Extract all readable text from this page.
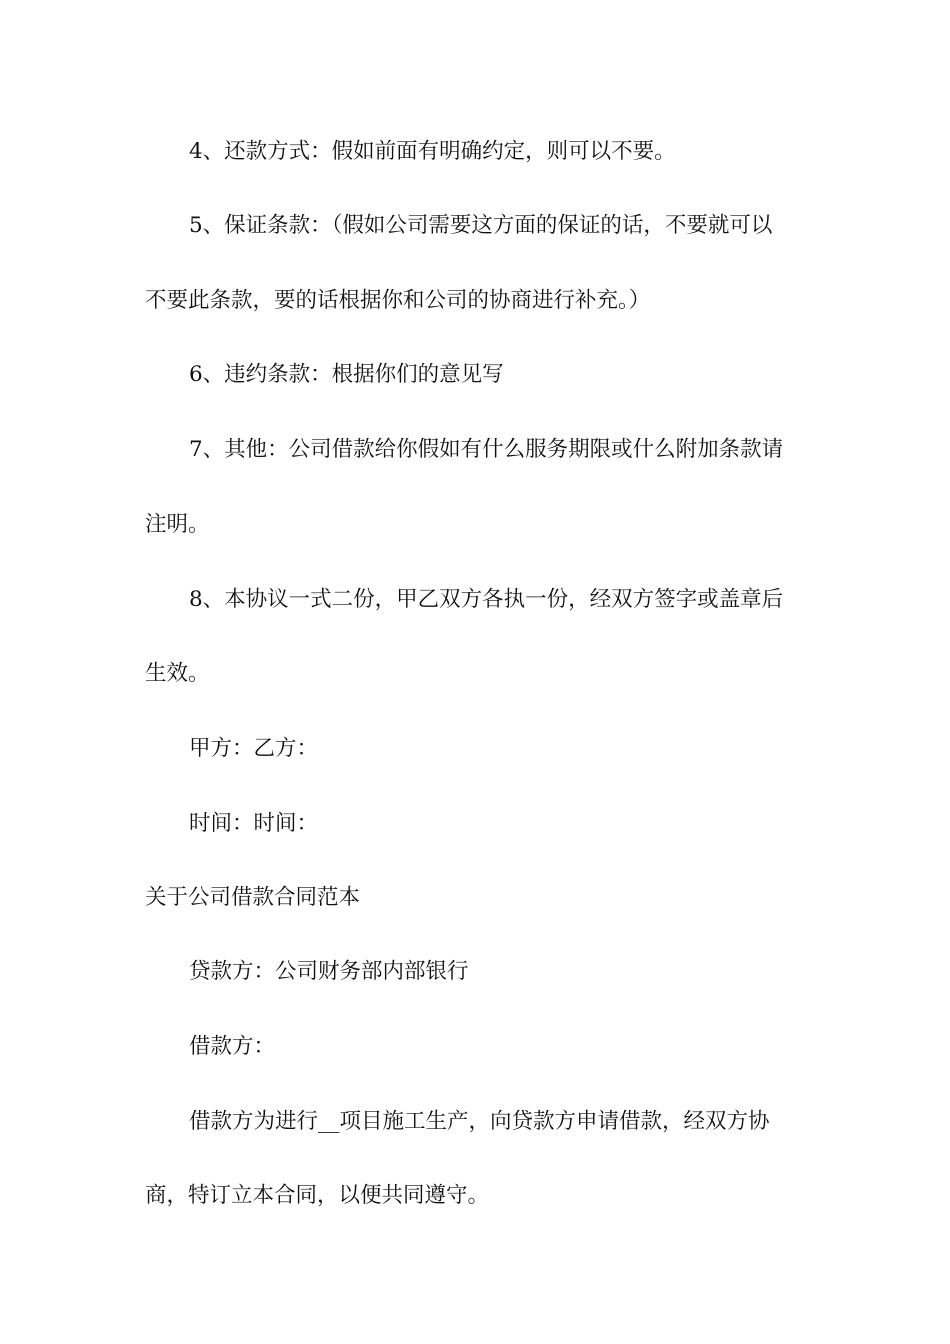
4、还款方式：假如前面有明确约定，则可以不要。
5、保证条款：（假如公司需要这方面的保证的话，不要就可以
不要此条款，要的话根据你和公司的协商进行补充。）
6、违约条款：根据你们的意见写
7、其他：公司借款给你假如有什么服务期限或什么附加条款请
注明。
8、本协议一式二份，甲乙双方各执一份，经双方签字或盖章后
生效。
甲方：乙方：
时间：时间：
关于公司借款合同范本
贷款方：公司财务部内部银行
借款方：
借款方为进行__项目施工生产，向贷款方申请借款，经双方协
商，特订立本合同，以便共同遵守。
